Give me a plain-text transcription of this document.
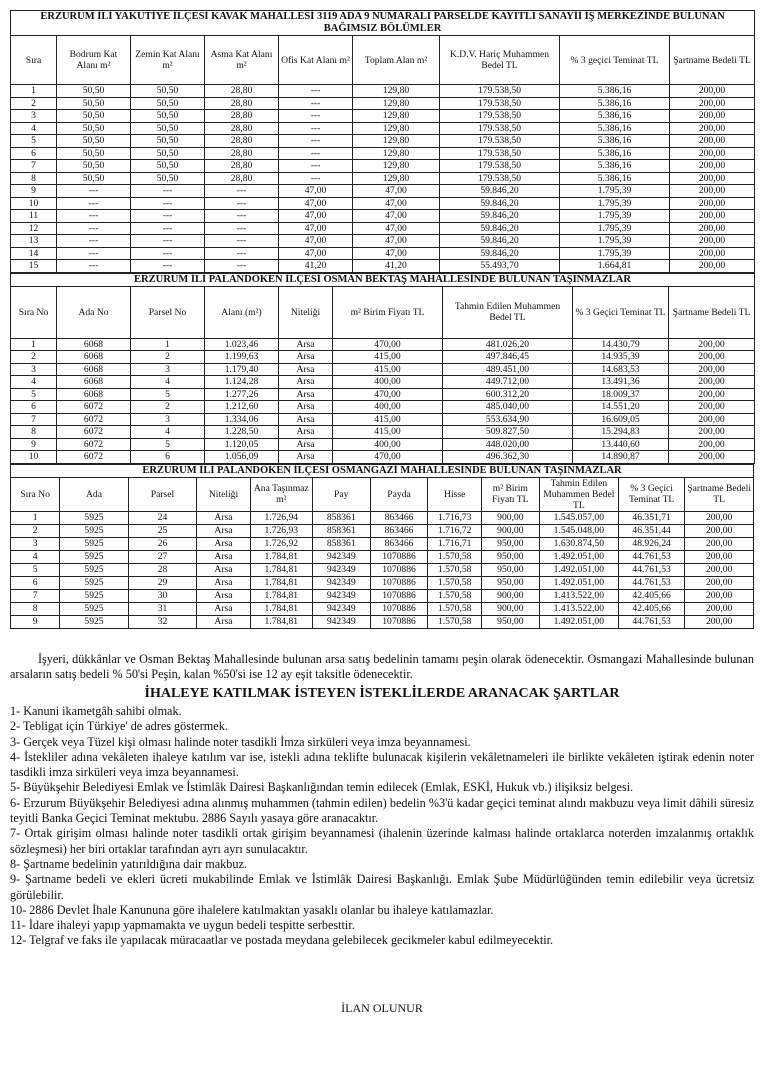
ERZURUM İLİ YAKUTİYE İLÇESİ KAVAK MAHALLESİ 3119 ADA 9 NUMARALI PARSELDE KAYITLI SANAYİİ İŞ MERKEZİNDE BULUNAN BAĞIMSIZ BÖLÜMLER								
Sıra	Bodrum Kat Alanı m²	Zemin Kat Alanı m²	Asma Kat Alanı m²	Ofis Kat Alanı m²	Toplam Alan m²	K.D.V. Hariç Muhammen Bedel TL	% 3 geçici Teminat TL	Şartname Bedeli TL
1	50,50	50,50	28,80	---	129,80	179.538,50	5.386,16	200,00
2	50,50	50,50	28,80	---	129,80	179.538,50	5.386,16	200,00
3	50,50	50,50	28,80	---	129,80	179.538,50	5.386,16	200,00
4	50,50	50,50	28,80	---	129,80	179.538,50	5.386,16	200,00
5	50,50	50,50	28,80	---	129,80	179.538,50	5.386,16	200,00
6	50,50	50,50	28,80	---	129,80	179.538,50	5.386,16	200,00
7	50,50	50,50	28,80	---	129,80	179.538,50	5.386,16	200,00
8	50,50	50,50	28,80	---	129,80	179.538,50	5.386,16	200,00
9	---	---	---	47,00	47,00	59.846,20	1.795,39	200,00
10	---	---	---	47,00	47,00	59.846,20	1.795,39	200,00
11	---	---	---	47,00	47,00	59.846,20	1.795,39	200,00
12	---	---	---	47,00	47,00	59.846,20	1.795,39	200,00
13	---	---	---	47,00	47,00	59.846,20	1.795,39	200,00
14	---	---	---	47,00	47,00	59.846,20	1.795,39	200,00
15	---	---	---	41,20	41,20	55.493,70	1.664,81	200,00
ERZURUM İLİ PALANDÖKEN İLÇESİ OSMAN BEKTAŞ MAHALLESİNDE BULUNAN TAŞINMAZLAR								
Sıra No	Ada No	Parsel No	Alanı (m²)	Niteliği	m² Birim Fiyatı TL	Tahmin Edilen Muhammen Bedel TL	% 3 Geçici Teminat TL	Şartname Bedeli TL
1	6068	1	1.023,46	Arsa	470,00	481.026,20	14.430,79	200,00
2	6068	2	1.199,63	Arsa	415,00	497.846,45	14.935,39	200,00
3	6068	3	1.179,40	Arsa	415,00	489.451,00	14.683,53	200,00
4	6068	4	1.124,28	Arsa	400,00	449.712,00	13.491,36	200,00
5	6068	5	1.277,26	Arsa	470,00	600.312,20	18.009,37	200,00
6	6072	2	1.212,60	Arsa	400,00	485.040,00	14.551,20	200,00
7	6072	3	1.334,06	Arsa	415,00	553.634,90	16.609,05	200,00
8	6072	4	1.228,50	Arsa	415,00	509.827,50	15.294,83	200,00
9	6072	5	1.120,05	Arsa	400,00	448.020,00	13.440,60	200,00
10	6072	6	1.056,09	Arsa	470,00	496.362,30	14.890,87	200,00
ERZURUM İLİ PALANDÖKEN İLÇESİ OSMANGAZİ MAHALLESİNDE BULUNAN TAŞINMAZLAR											
Sıra No	Ada	Parsel	Niteliği	Ana Taşınmaz m²	Pay	Payda	Hisse	m² Birim Fiyatı TL	Tahmin Edilen Muhammen Bedel TL	% 3 Geçici Teminat TL	Şartname Bedeli TL
1	5925	24	Arsa	1.726,94	858361	863466	1.716,73	900,00	1.545.057,00	46.351,71	200,00
2	5925	25	Arsa	1.726,93	858361	863466	1.716,72	900,00	1.545.048,00	46.351,44	200,00
3	5925	26	Arsa	1.726,92	858361	863466	1.716,71	950,00	1.630.874,50	48.926,24	200,00
4	5925	27	Arsa	1.784,81	942349	1070886	1.570,58	950,00	1.492.051,00	44.761,53	200,00
5	5925	28	Arsa	1.784,81	942349	1070886	1.570,58	950,00	1.492.051,00	44.761,53	200,00
6	5925	29	Arsa	1.784,81	942349	1070886	1.570,58	950,00	1.492.051,00	44.761,53	200,00
7	5925	30	Arsa	1.784,81	942349	1070886	1.570,58	900,00	1.413.522,00	42.405,66	200,00
8	5925	31	Arsa	1.784,81	942349	1070886	1.570,58	900,00	1.413.522,00	42.405,66	200,00
9	5925	32	Arsa	1.784,81	942349	1070886	1.570,58	950,00	1.492.051,00	44.761,53	200,00
İşyeri, dükkânlar ve Osman Bektaş Mahallesinde bulunan arsa satış bedelinin tamamı peşin olarak ödenecektir. Osmangazi Mahallesinde bulunan arsaların satış bedeli % 50'si Peşin, kalan %50'si ise 12 ay eşit taksitle ödenecektir.
İHALEYE KATILMAK İSTEYEN İSTEKLİLERDE ARANACAK ŞARTLAR
1- Kanuni ikametgâh sahibi olmak.
2- Tebligat için Türkiye' de adres göstermek.
3- Gerçek veya Tüzel kişi olması halinde noter tasdikli İmza sirküleri veya imza beyannamesi.
4- İstekliler adına vekâleten ihaleye katılım var ise, istekli adına teklifte bulunacak kişilerin vekâletnameleri ile birlikte vekâleten iştirak edenin noter tasdikli imza sirküleri veya imza beyannamesi.
5- Büyükşehir Belediyesi Emlak ve İstimlâk Dairesi Başkanlığından temin edilecek (Emlak, ESKİ, Hukuk vb.) ilişiksiz belgesi.
6- Erzurum Büyükşehir Belediyesi adına alınmış muhammen (tahmin edilen) bedelin %3'ü kadar geçici teminat alındı makbuzu veya limit dâhili süresiz teyitli Banka Geçici Teminat mektubu. 2886 Sayılı yasaya göre aranacaktır.
7- Ortak girişim olması halinde noter tasdikli ortak girişim beyannamesi (ihalenin üzerinde kalması halinde ortaklarca noterden imzalanmış ortaklık sözleşmesi) her biri ortaklar tarafından ayrı ayrı sunulacaktır.
8- Şartname bedelinin yatırıldığına dair makbuz.
9- Şartname bedeli ve ekleri ücreti mukabilinde Emlak ve İstimlâk Dairesi Başkanlığı. Emlak Şube Müdürlüğünden temin edilebilir veya ücretsiz görülebilir.
10- 2886 Devlet İhale Kanununa göre ihalelere katılmaktan yasaklı olanlar bu ihaleye katılamazlar.
11- İdare ihaleyi yapıp yapmamakta ve uygun bedeli tespitte serbesttir.
12- Telgraf ve faks ile yapılacak müracaatlar ve postada meydana gelebilecek gecikmeler kabul edilmeyecektir.
İLAN OLUNUR
